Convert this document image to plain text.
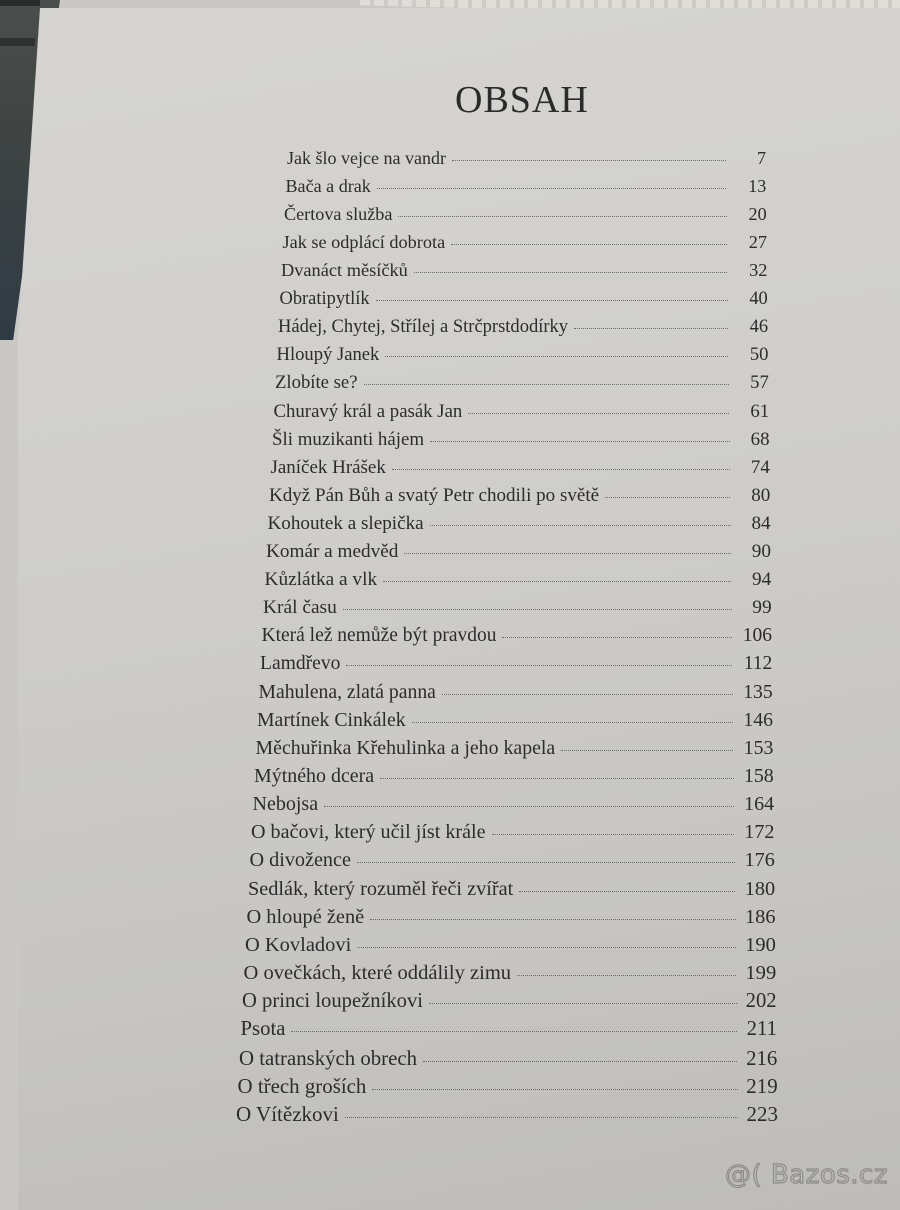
OBSAH
Jak šlo vejce na vandr	7
Bača a drak	13
Čertova služba	20
Jak se odplácí dobrota	27
Dvanáct měsíčků	32
Obratipytlík	40
Hádej, Chytej, Střílej a Strčprstdodírky	46
Hloupý Janek	50
Zlobíte se?	57
Churavý král a pasák Jan	61
Šli muzikanti hájem	68
Janíček Hrášek	74
Když Pán Bůh a svatý Petr chodili po světě	80
Kohoutek a slepička	84
Komár a medvěd	90
Kůzlátka a vlk	94
Král času	99
Která lež nemůže být pravdou	106
Lamdřevo	112
Mahulena, zlatá panna	135
Martínek Cinkálek	146
Měchuřinka Křehulinka a jeho kapela	153
Mýtného dcera	158
Nebojsa	164
O bačovi, který učil jíst krále	172
O divožence	176
Sedlák, který rozuměl řeči zvířat	180
O hloupé ženě	186
O Kovladovi	190
O ovečkách, které oddálily zimu	199
O princi loupežníkovi	202
Psota	211
O tatranských obrech	216
O třech groších	219
O Vítězkovi	223
@( Bazos.cz
